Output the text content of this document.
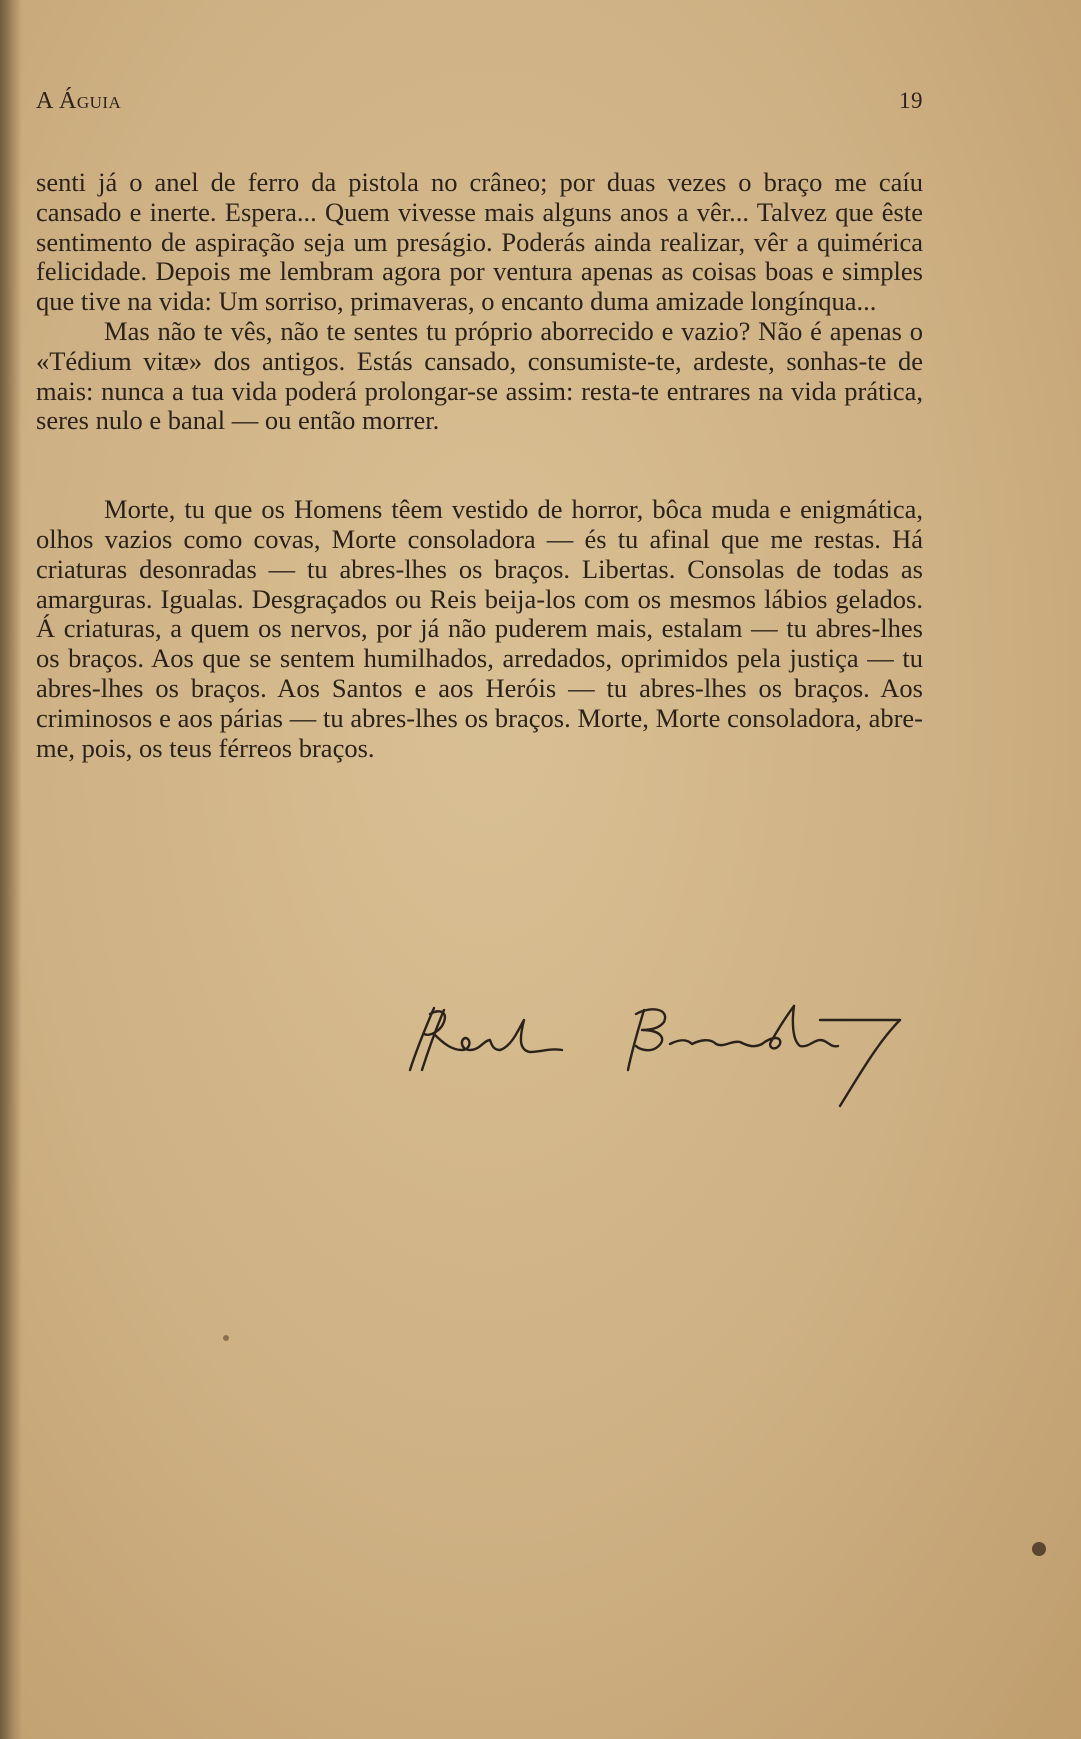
A Águia	19

senti já o anel de ferro da pistola no crâneo; por duas vezes o braço me caíu cansado e inerte. Espera... Quem vivesse mais alguns anos a vêr... Talvez que êste sentimento de aspiração seja um preságio. Poderás ainda realizar, vêr a quimérica felicidade. Depois me lembram agora por ventura apenas as coisas boas e simples que tive na vida: Um sorriso, primaveras, o encanto duma amizade longínqua...

Mas não te vês, não te sentes tu próprio aborrecido e vazio? Não é apenas o «Tédium vitæ» dos antigos. Estás cansado, consumiste-te, ardeste, sonhas-te de mais: nunca a tua vida poderá prolongar-se assim: resta-te entrares na vida prática, seres nulo e banal — ou então morrer.

Morte, tu que os Homens têem vestido de horror, bôca muda e enigmática, olhos vazios como covas, Morte consoladora — és tu afinal que me restas. Há criaturas desonradas — tu abres-lhes os braços. Libertas. Consolas de todas as amarguras. Igualas. Desgraçados ou Reis beija-los com os mesmos lábios gelados. Á criaturas, a quem os nervos, por já não puderem mais, estalam — tu abres-lhes os braços. Aos que se sentem humilhados, arredados, oprimidos pela justiça — tu abres-lhes os braços. Aos Santos e aos Heróis — tu abres-lhes os braços. Aos criminosos e aos párias — tu abres-lhes os braços. Morte, Morte consoladora, abre-me, pois, os teus férreos braços.
